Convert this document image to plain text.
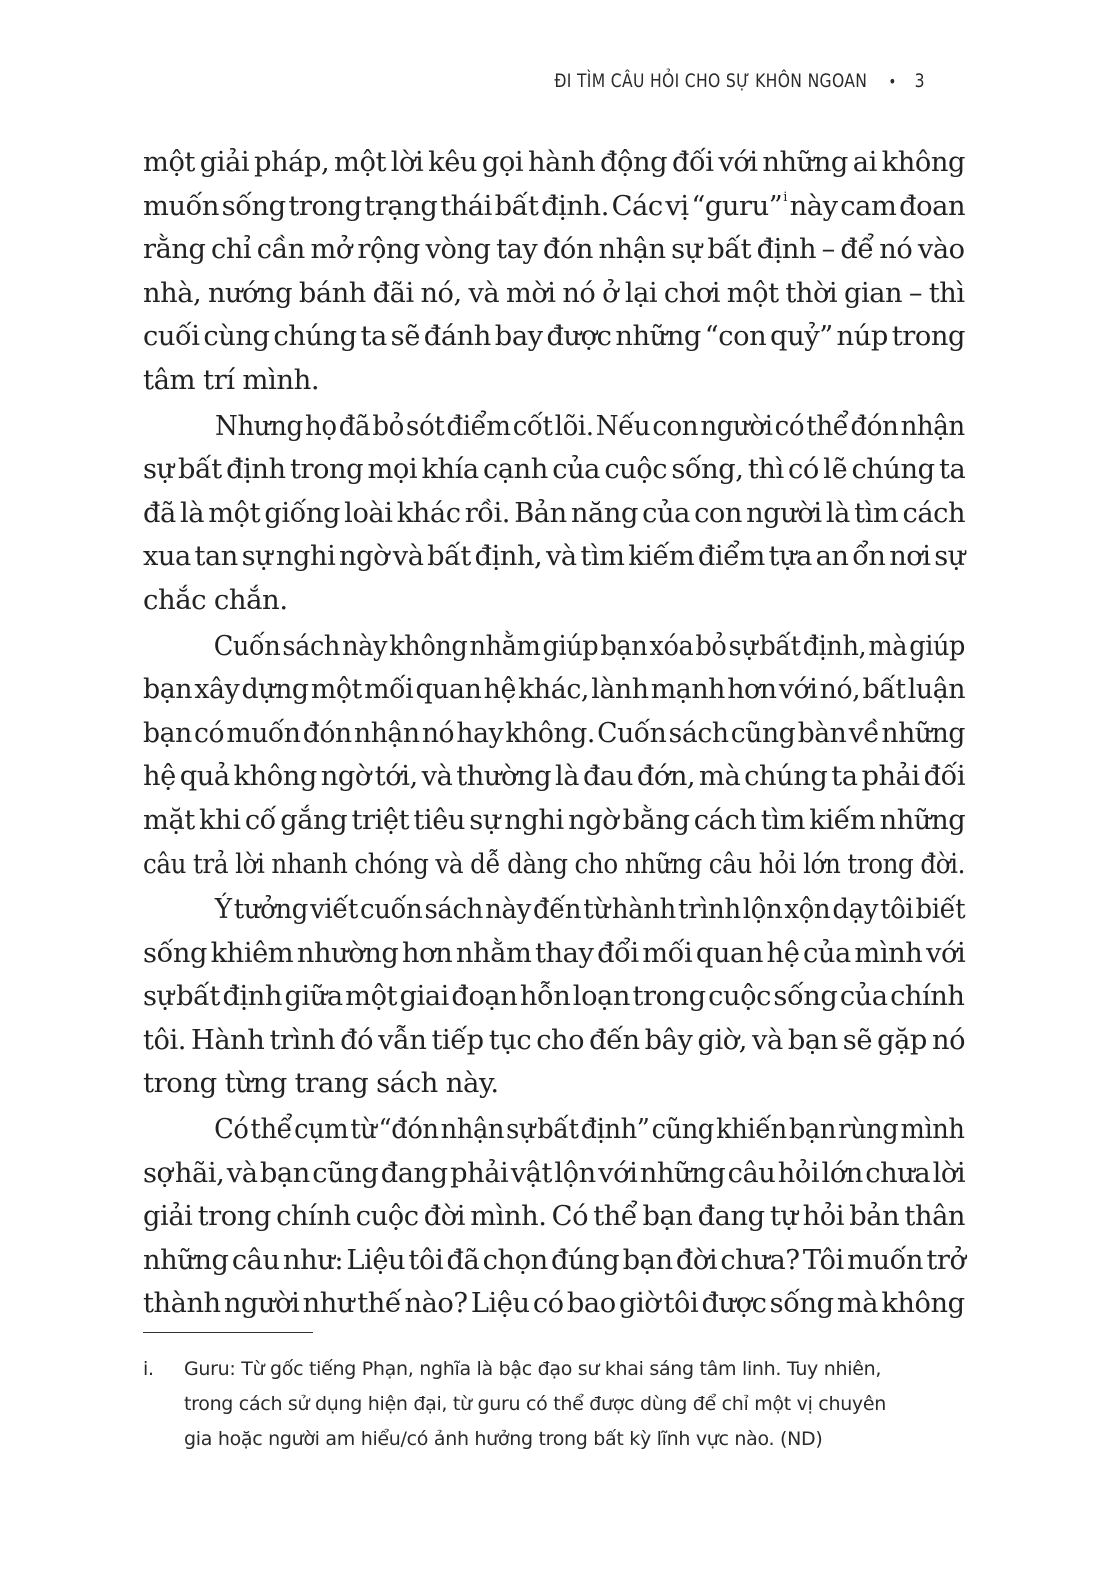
ĐI TÌM CÂU HỎI CHO SỰ KHÔN NGOAN • 3
một giải pháp, một lời kêu gọi hành động đối với những ai không
muốn sống trong trạng thái bất định. Các vị “guru”$^i$ này cam đoan
rằng chỉ cần mở rộng vòng tay đón nhận sự bất định – để nó vào
nhà, nướng bánh đãi nó, và mời nó ở lại chơi một thời gian – thì
cuối cùng chúng ta sẽ đánh bay được những “con quỷ” núp trong
tâm trí mình.
Nhưng họ đã bỏ sót điểm cốt lõi. Nếu con người có thể đón nhận
sự bất định trong mọi khía cạnh của cuộc sống, thì có lẽ chúng ta
đã là một giống loài khác rồi. Bản năng của con người là tìm cách
xua tan sự nghi ngờ và bất định, và tìm kiếm điểm tựa an ổn nơi sự
chắc chắn.
Cuốn sách này không nhằm giúp bạn xóa bỏ sự bất định, mà giúp
bạn xây dựng một mối quan hệ khác, lành mạnh hơn với nó, bất luận
bạn có muốn đón nhận nó hay không. Cuốn sách cũng bàn về những
hệ quả không ngờ tới, và thường là đau đớn, mà chúng ta phải đối
mặt khi cố gắng triệt tiêu sự nghi ngờ bằng cách tìm kiếm những
câu trả lời nhanh chóng và dễ dàng cho những câu hỏi lớn trong đời.
Ý tưởng viết cuốn sách này đến từ hành trình lộn xộn dạy tôi biết
sống khiêm nhường hơn nhằm thay đổi mối quan hệ của mình với
sự bất định giữa một giai đoạn hỗn loạn trong cuộc sống của chính
tôi. Hành trình đó vẫn tiếp tục cho đến bây giờ, và bạn sẽ gặp nó
trong từng trang sách này.
Có thể cụm từ “đón nhận sự bất định” cũng khiến bạn rùng mình
sợ hãi, và bạn cũng đang phải vật lộn với những câu hỏi lớn chưa lời
giải trong chính cuộc đời mình. Có thể bạn đang tự hỏi bản thân
những câu như: Liệu tôi đã chọn đúng bạn đời chưa? Tôi muốn trở
thành người như thế nào? Liệu có bao giờ tôi được sống mà không
i. Guru: Từ gốc tiếng Phạn, nghĩa là bậc đạo sư khai sáng tâm linh. Tuy nhiên,
trong cách sử dụng hiện đại, từ guru có thể được dùng để chỉ một vị chuyên
gia hoặc người am hiểu/có ảnh hưởng trong bất kỳ lĩnh vực nào. (ND)
